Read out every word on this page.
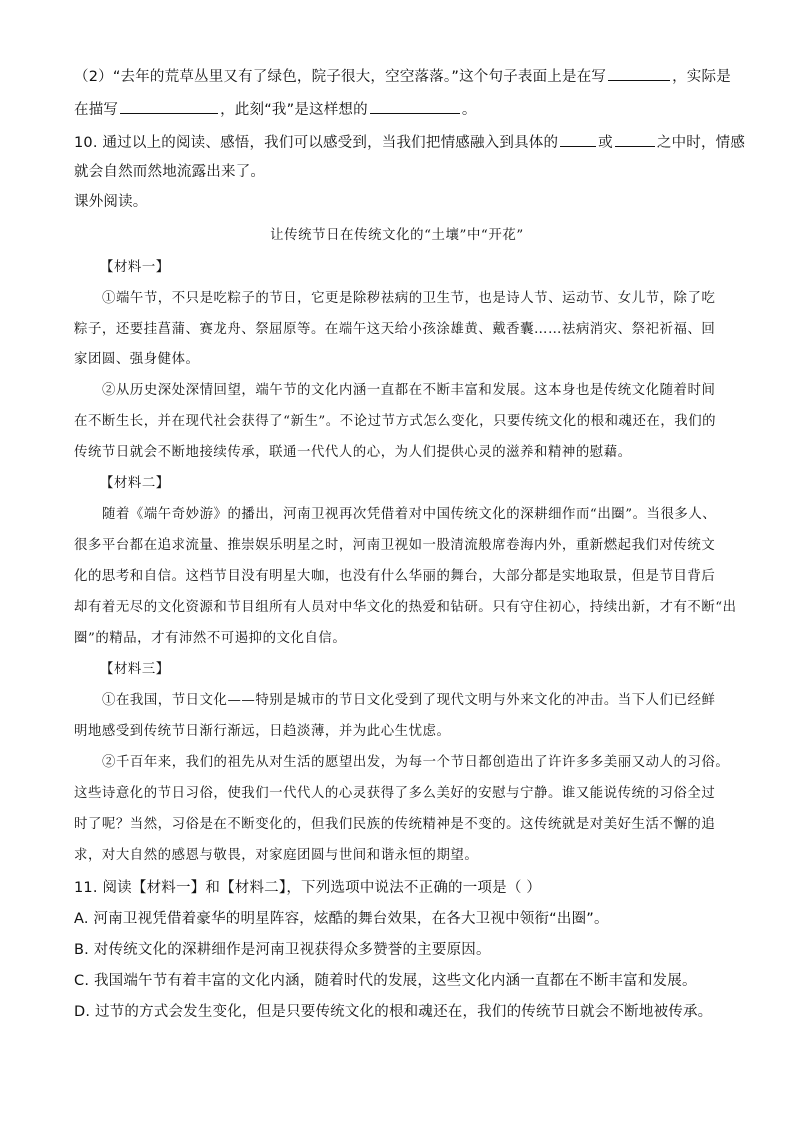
（2）“去年的荒草丛里又有了绿色，院子很大，空空落落。”这个句子表面上是在写	，实际是
在描写	，此刻“我”是这样想的	。
10. 通过以上的阅读、感悟，我们可以感受到，当我们把情感融入到具体的	或	之中时，情感
就会自然而然地流露出来了。
课外阅读。
让传统节日在传统文化的“土壤”中“开花”
【材料一】
①端午节，不只是吃粽子的节日，它更是除秽祛病的卫生节，也是诗人节、运动节、女儿节，除了吃
粽子，还要挂菖蒲、赛龙舟、祭屈原等。在端午这天给小孩涂雄黄、戴香囊……祛病消灾、祭祀祈福、回
家团圆、强身健体。
②从历史深处深情回望，端午节的文化内涵一直都在不断丰富和发展。这本身也是传统文化随着时间
在不断生长，并在现代社会获得了“新生”。不论过节方式怎么变化，只要传统文化的根和魂还在，我们的
传统节日就会不断地接续传承，联通一代代人的心，为人们提供心灵的滋养和精神的慰藉。
【材料二】
随着《端午奇妙游》的播出，河南卫视再次凭借着对中国传统文化的深耕细作而“出圈”。当很多人、
很多平台都在追求流量、推崇娱乐明星之时，河南卫视如一股清流般席卷海内外，重新燃起我们对传统文
化的思考和自信。这档节目没有明星大咖，也没有什么华丽的舞台，大部分都是实地取景，但是节目背后
却有着无尽的文化资源和节目组所有人员对中华文化的热爱和钻研。只有守住初心，持续出新，才有不断“出
圈”的精品，才有沛然不可遏抑的文化自信。
【材料三】
①在我国，节日文化——特别是城市的节日文化受到了现代文明与外来文化的冲击。当下人们已经鲜
明地感受到传统节日渐行渐远，日趋淡薄，并为此心生忧虑。
②千百年来，我们的祖先从对生活的愿望出发，为每一个节日都创造出了许许多多美丽又动人的习俗。
这些诗意化的节日习俗，使我们一代代人的心灵获得了多么美好的安慰与宁静。谁又能说传统的习俗全过
时了呢？当然，习俗是在不断变化的，但我们民族的传统精神是不变的。这传统就是对美好生活不懈的追
求，对大自然的感恩与敬畏，对家庭团圆与世间和谐永恒的期望。
11. 阅读【材料一】和【材料二】，下列选项中说法不正确的一项是（ ）
A. 河南卫视凭借着豪华的明星阵容，炫酷的舞台效果，在各大卫视中领衔“出圈”。
B. 对传统文化的深耕细作是河南卫视获得众多赞誉的主要原因。
C. 我国端午节有着丰富的文化内涵，随着时代的发展，这些文化内涵一直都在不断丰富和发展。
D. 过节的方式会发生变化，但是只要传统文化的根和魂还在，我们的传统节日就会不断地被传承。
